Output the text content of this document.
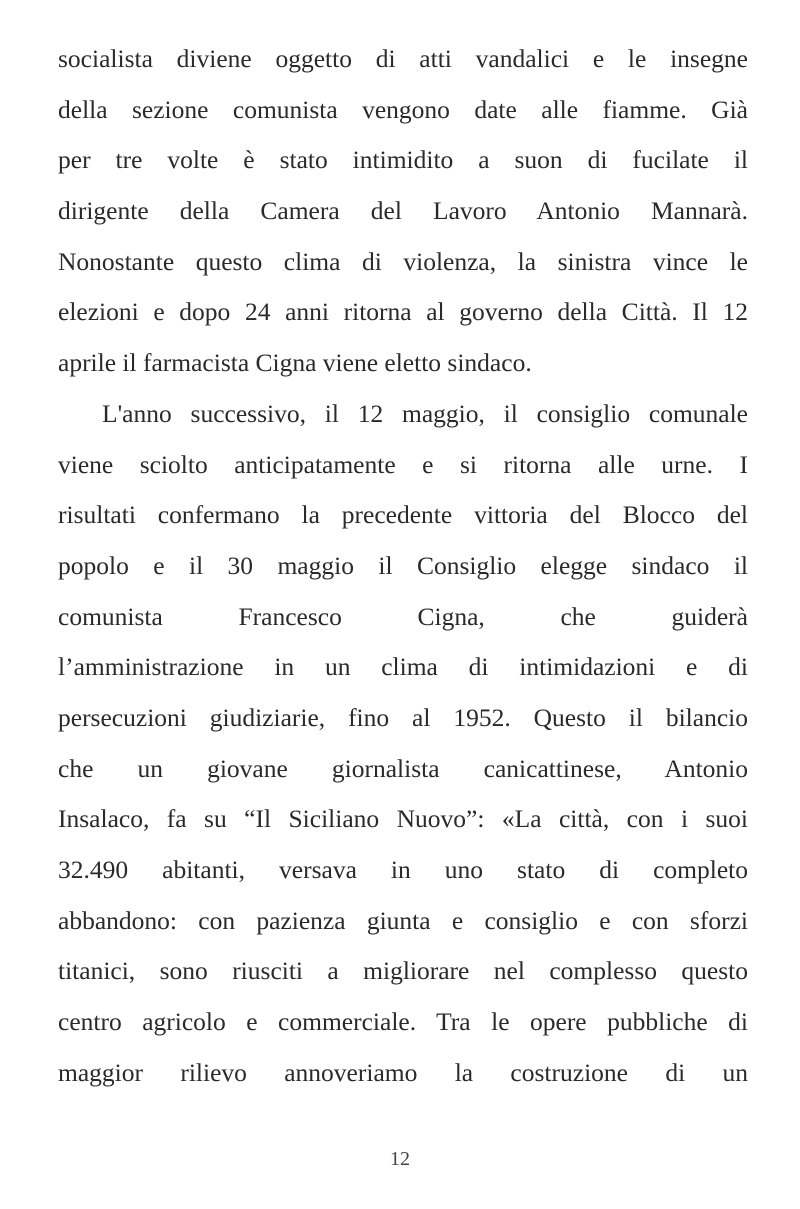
socialista diviene oggetto di atti vandalici e le insegne
della sezione comunista vengono date alle fiamme. Già
per tre volte è stato intimidito a suon di fucilate il
dirigente della Camera del Lavoro Antonio Mannarà.
Nonostante questo clima di violenza, la sinistra vince le
elezioni e dopo 24 anni ritorna al governo della Città. Il 12
aprile il farmacista Cigna viene eletto sindaco.
L'anno successivo, il 12 maggio, il consiglio comunale
viene sciolto anticipatamente e si ritorna alle urne. I
risultati confermano la precedente vittoria del Blocco del
popolo e il 30 maggio il Consiglio elegge sindaco il
comunista Francesco Cigna, che guiderà
l’amministrazione in un clima di intimidazioni e di
persecuzioni giudiziarie, fino al 1952. Questo il bilancio
che un giovane giornalista canicattinese, Antonio
Insalaco, fa su “Il Siciliano Nuovo”: «La città, con i suoi
32.490 abitanti, versava in uno stato di completo
abbandono: con pazienza giunta e consiglio e con sforzi
titanici, sono riusciti a migliorare nel complesso questo
centro agricolo e commerciale. Tra le opere pubbliche di
maggior rilievo annoveriamo la costruzione di un
12
